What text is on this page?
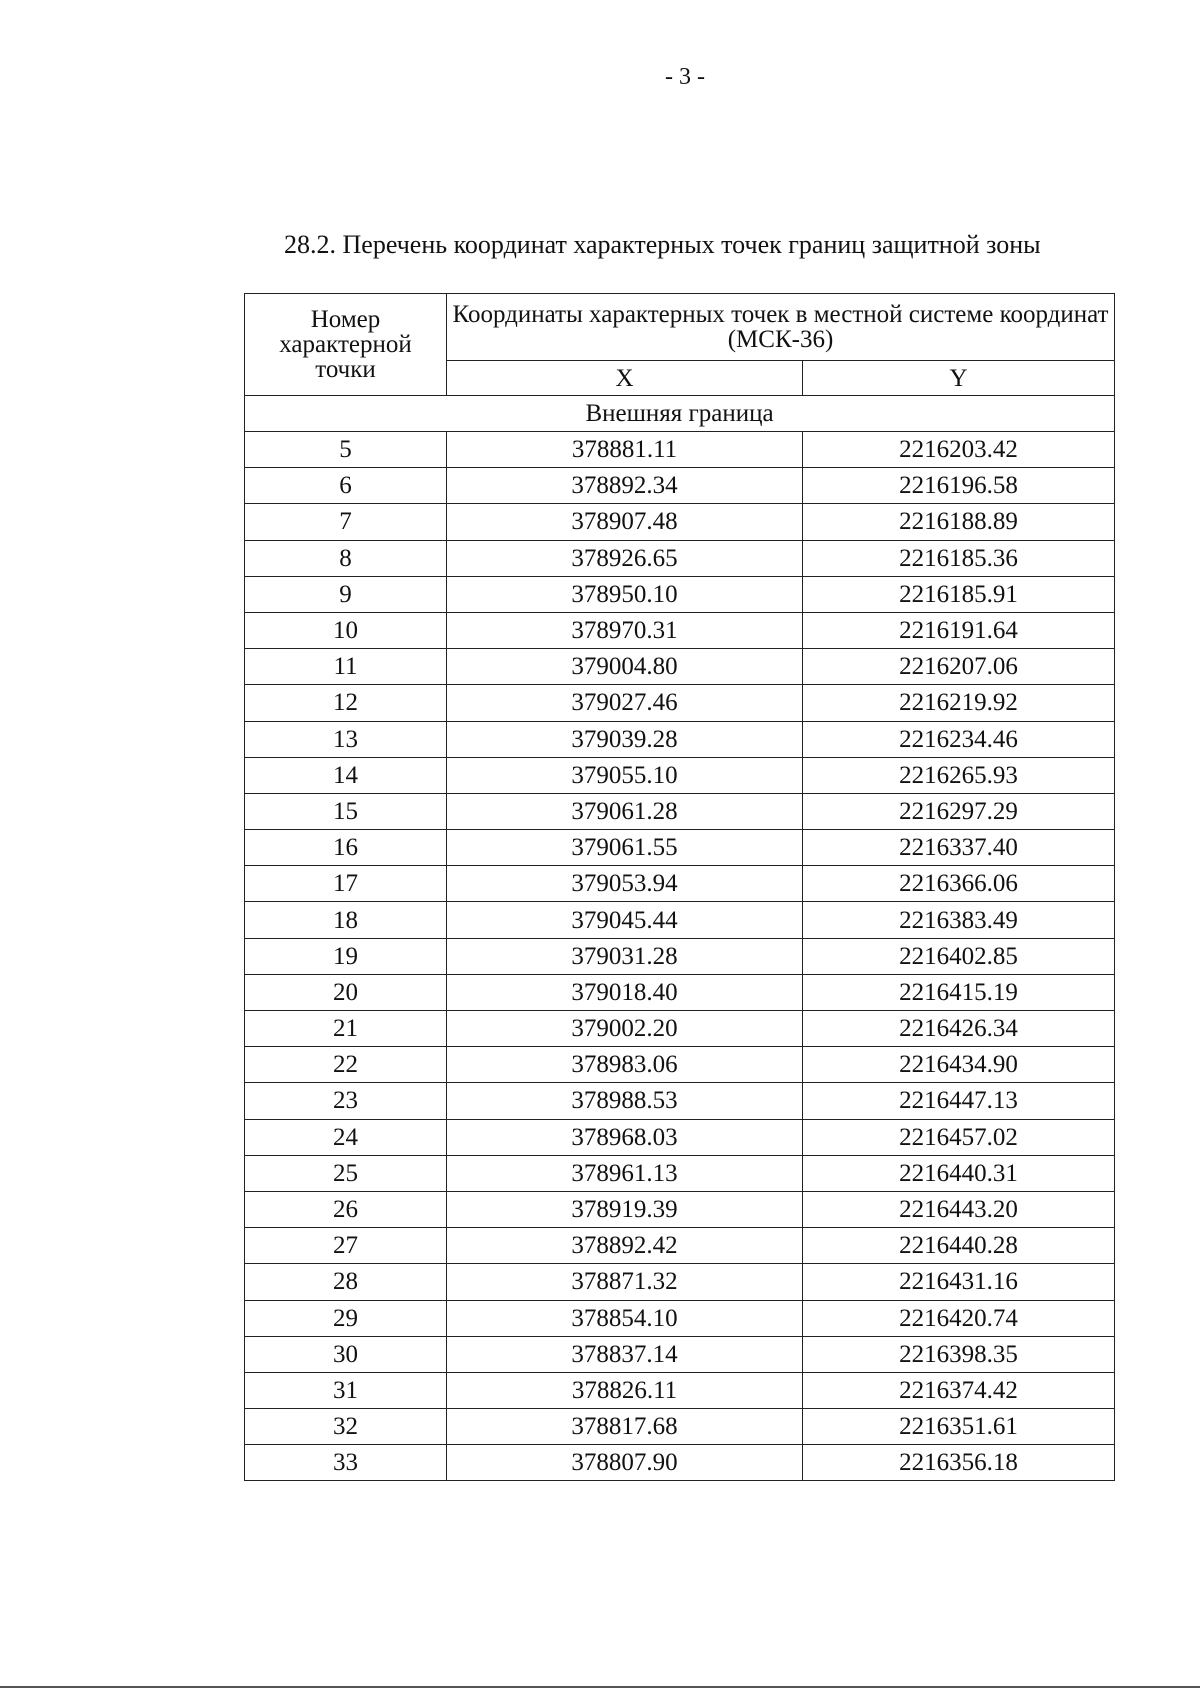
- 3 -
28.2. Перечень координат характерных точек границ защитной зоны
Номер
характерной
точки	Координаты характерных точек в местной системе координат (МСК-36)	
	X	Y
Внешняя граница		
5	378881.11	2216203.42
6	378892.34	2216196.58
7	378907.48	2216188.89
8	378926.65	2216185.36
9	378950.10	2216185.91
10	378970.31	2216191.64
11	379004.80	2216207.06
12	379027.46	2216219.92
13	379039.28	2216234.46
14	379055.10	2216265.93
15	379061.28	2216297.29
16	379061.55	2216337.40
17	379053.94	2216366.06
18	379045.44	2216383.49
19	379031.28	2216402.85
20	379018.40	2216415.19
21	379002.20	2216426.34
22	378983.06	2216434.90
23	378988.53	2216447.13
24	378968.03	2216457.02
25	378961.13	2216440.31
26	378919.39	2216443.20
27	378892.42	2216440.28
28	378871.32	2216431.16
29	378854.10	2216420.74
30	378837.14	2216398.35
31	378826.11	2216374.42
32	378817.68	2216351.61
33	378807.90	2216356.18
